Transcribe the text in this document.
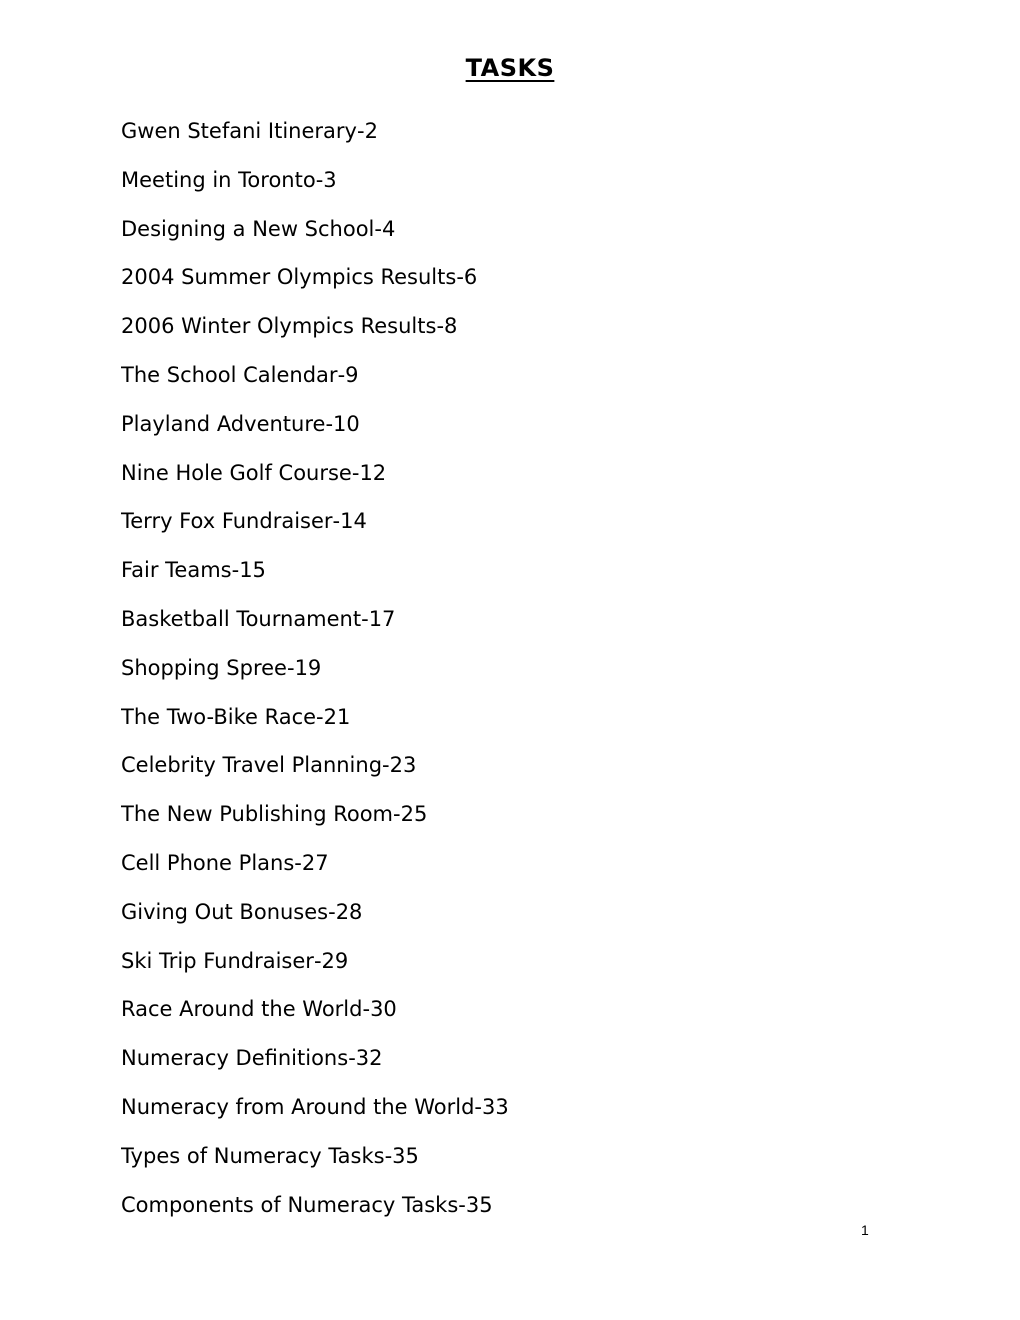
TASKS
Gwen Stefani Itinerary - 2
Meeting in Toronto - 3
Designing a New School - 4
2004 Summer Olympics Results - 6
2006 Winter Olympics Results - 8
The School Calendar - 9
Playland Adventure - 10
Nine Hole Golf Course - 12
Terry Fox Fundraiser - 14
Fair Teams - 15
Basketball Tournament - 17
Shopping Spree - 19
The Two-Bike Race - 21
Celebrity Travel Planning - 23
The New Publishing Room - 25
Cell Phone Plans - 27
Giving Out Bonuses - 28
Ski Trip Fundraiser - 29
Race Around the World - 30
Numeracy Definitions - 32
Numeracy from Around the World - 33
Types of Numeracy Tasks - 35
Components of Numeracy Tasks - 35
1
